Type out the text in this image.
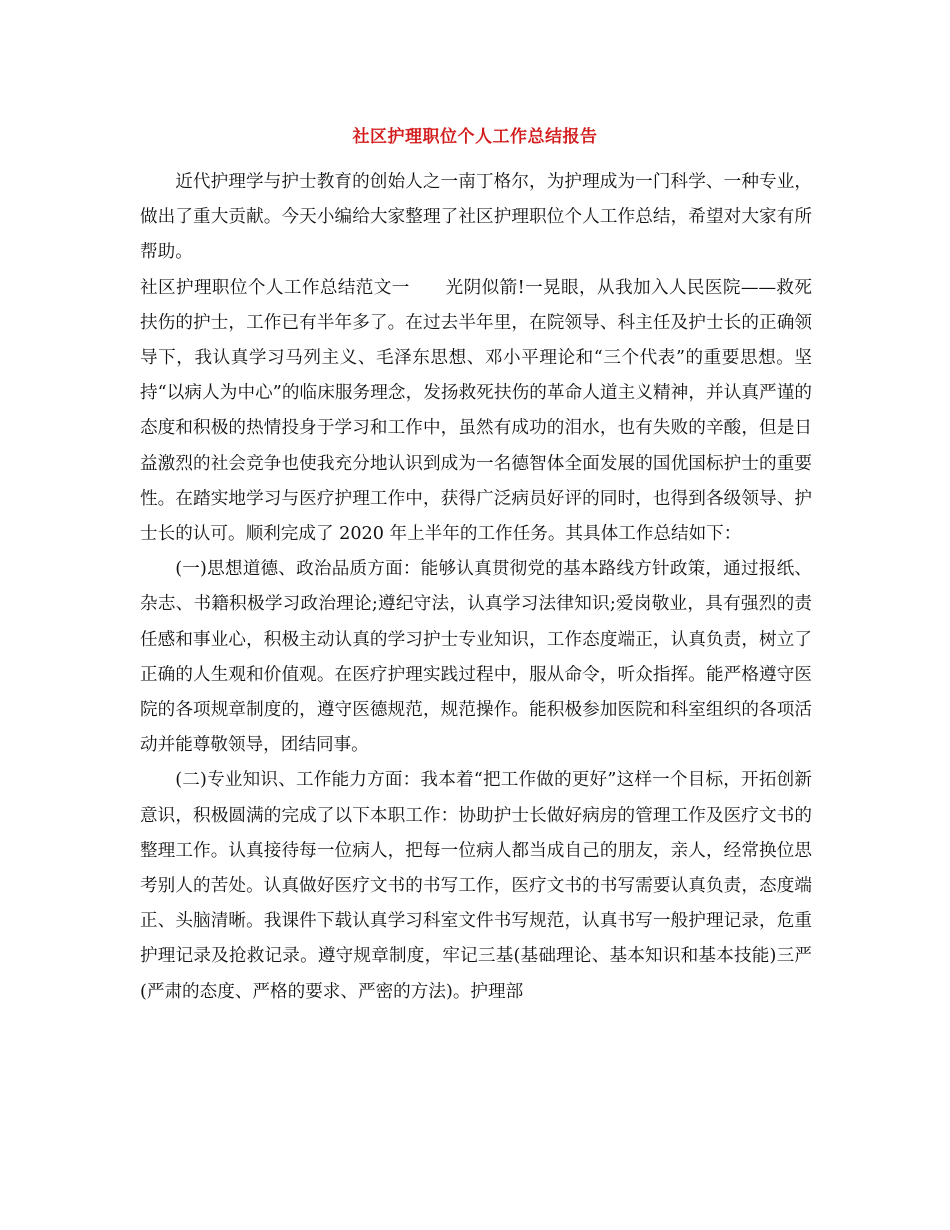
社区护理职位个人工作总结报告

近代护理学与护士教育的创始人之一南丁格尔，为护理成为一门科学、一种专业，做出了重大贡献。今天小编给大家整理了社区护理职位个人工作总结，希望对大家有所帮助。

社区护理职位个人工作总结范文一　　光阴似箭!一晃眼，从我加入人民医院——救死扶伤的护士，工作已有半年多了。在过去半年里，在院领导、科主任及护士长的正确领导下，我认真学习马列主义、毛泽东思想、邓小平理论和“三个代表”的重要思想。坚持“以病人为中心”的临床服务理念，发扬救死扶伤的革命人道主义精神，并认真严谨的态度和积极的热情投身于学习和工作中，虽然有成功的泪水，也有失败的辛酸，但是日益激烈的社会竞争也使我充分地认识到成为一名德智体全面发展的国优国标护士的重要性。在踏实地学习与医疗护理工作中，获得广泛病员好评的同时，也得到各级领导、护士长的认可。顺利完成了 2020 年上半年的工作任务。其具体工作总结如下：

(一)思想道德、政治品质方面：能够认真贯彻党的基本路线方针政策，通过报纸、杂志、书籍积极学习政治理论;遵纪守法，认真学习法律知识;爱岗敬业，具有强烈的责任感和事业心，积极主动认真的学习护士专业知识，工作态度端正，认真负责，树立了正确的人生观和价值观。在医疗护理实践过程中，服从命令，听众指挥。能严格遵守医院的各项规章制度的，遵守医德规范，规范操作。能积极参加医院和科室组织的各项活动并能尊敬领导，团结同事。

(二)专业知识、工作能力方面：我本着“把工作做的更好”这样一个目标，开拓创新意识，积极圆满的完成了以下本职工作：协助护士长做好病房的管理工作及医疗文书的整理工作。认真接待每一位病人，把每一位病人都当成自己的朋友，亲人，经常换位思考别人的苦处。认真做好医疗文书的书写工作，医疗文书的书写需要认真负责，态度端正、头脑清晰。我课件下载认真学习科室文件书写规范，认真书写一般护理记录，危重护理记录及抢救记录。遵守规章制度，牢记三基(基础理论、基本知识和基本技能)三严(严肃的态度、严格的要求、严密的方法)。护理部
